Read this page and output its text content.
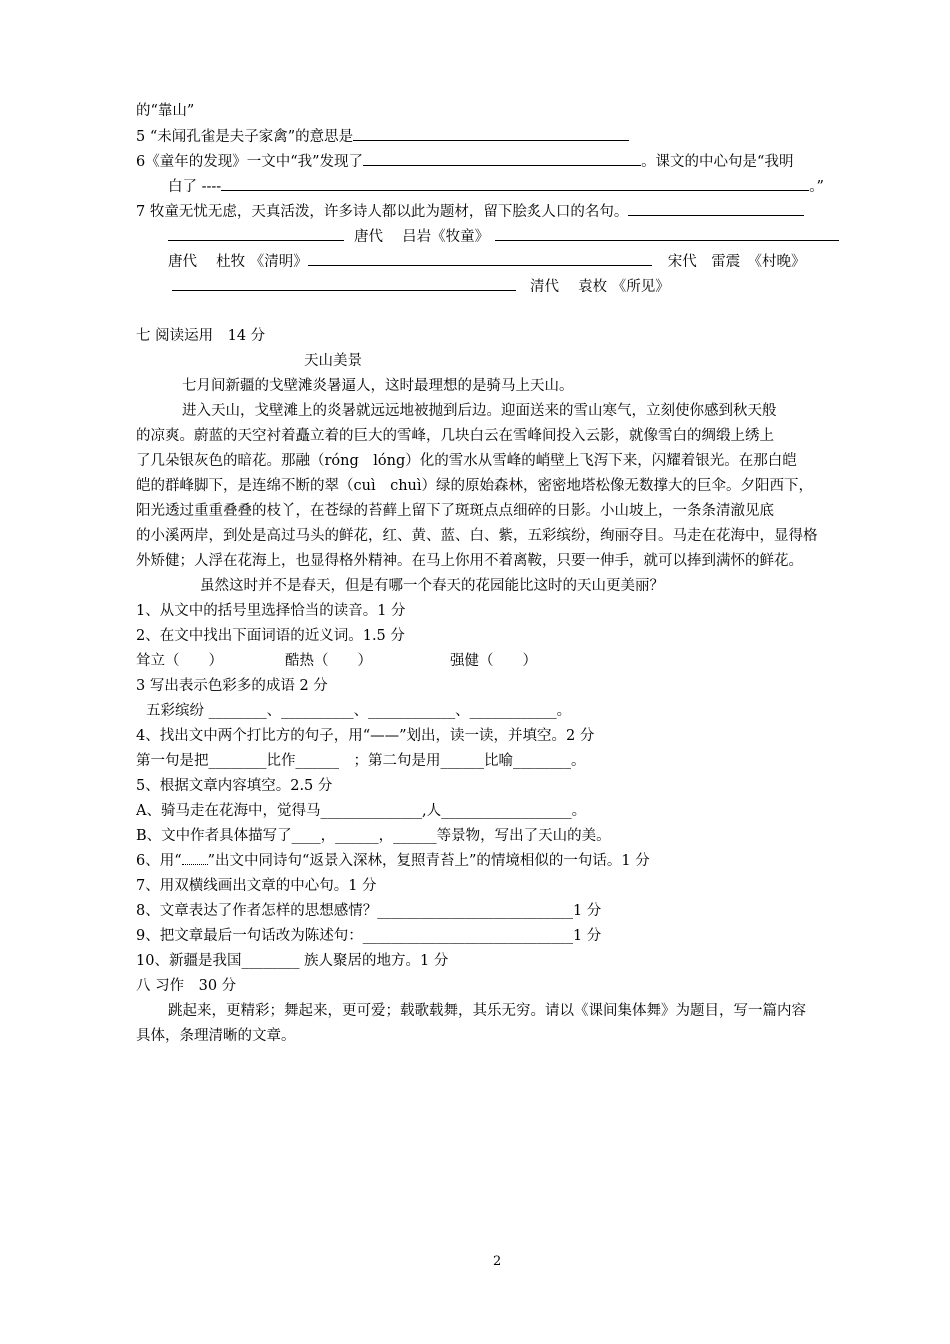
的“靠山”
5 “未闻孔雀是夫子家禽”的意思是
6《童年的发现》一文中“我”发现了	。课文的中心句是“我明
白了 ----	。”
7 牧童无忧无虑，天真活泼，许多诗人都以此为题材，留下脍炙人口的名句。
唐代　 吕岩《牧童》
唐代　 杜牧 《清明》	宋代　雷震　《村晚》
清代　 袁枚 《所见》
七 阅读运用　14 分
天山美景
七月间新疆的戈壁滩炎暑逼人，这时最理想的是骑马上天山。
进入天山，戈壁滩上的炎暑就远远地被抛到后边。迎面送来的雪山寒气，立刻使你感到秋天般
的凉爽。蔚蓝的天空衬着矗立着的巨大的雪峰，几块白云在雪峰间投入云影，就像雪白的绸缎上绣上
了几朵银灰色的暗花。那融（róng　lóng）化的雪水从雪峰的峭壁上飞泻下来，闪耀着银光。在那白皑
皑的群峰脚下，是连绵不断的翠（cuì　chuì）绿的原始森林，密密地塔松像无数撑大的巨伞。夕阳西下，
阳光透过重重叠叠的枝丫，在苍绿的苔藓上留下了斑斑点点细碎的日影。小山坡上，一条条清澈见底
的小溪两岸，到处是高过马头的鲜花，红、黄、蓝、白、紫，五彩缤纷，绚丽夺目。马走在花海中，显得格
外矫健；人浮在花海上，也显得格外精神。在马上你用不着离鞍，只要一伸手，就可以捧到满怀的鲜花。
虽然这时并不是春天，但是有哪一个春天的花园能比这时的天山更美丽？
1、从文中的括号里选择恰当的读音。1 分
2、在文中找出下面词语的近义词。1.5 分
耸立（　　）	酷热（　　）	强健（　　）
3 写出表示色彩多的成语 2 分
五彩缤纷 ________、__________、____________、____________。
4、找出文中两个打比方的句子，用“——”划出，读一读，并填空。2 分
第一句是把________比作______　；第二句是用______比喻________。
5、根据文章内容填空。2.5 分
A、骑马走在花海中，觉得马______________,人__________________。
B、文中作者具体描写了____，______，______等景物，写出了天山的美。
6、用“ ”出文中同诗句“返景入深林，复照青苔上”的情境相似的一句话。1 分
7、用双横线画出文章的中心句。1 分
8、文章表达了作者怎样的思想感情？___________________________1 分
9、把文章最后一句话改为陈述句：_____________________________1 分
10、新疆是我国________ 族人聚居的地方。1 分
八 习作　30 分
跳起来，更精彩；舞起来，更可爱；载歌载舞，其乐无穷。请以《课间集体舞》为题目，写一篇内容
具体，条理清晰的文章。
2
